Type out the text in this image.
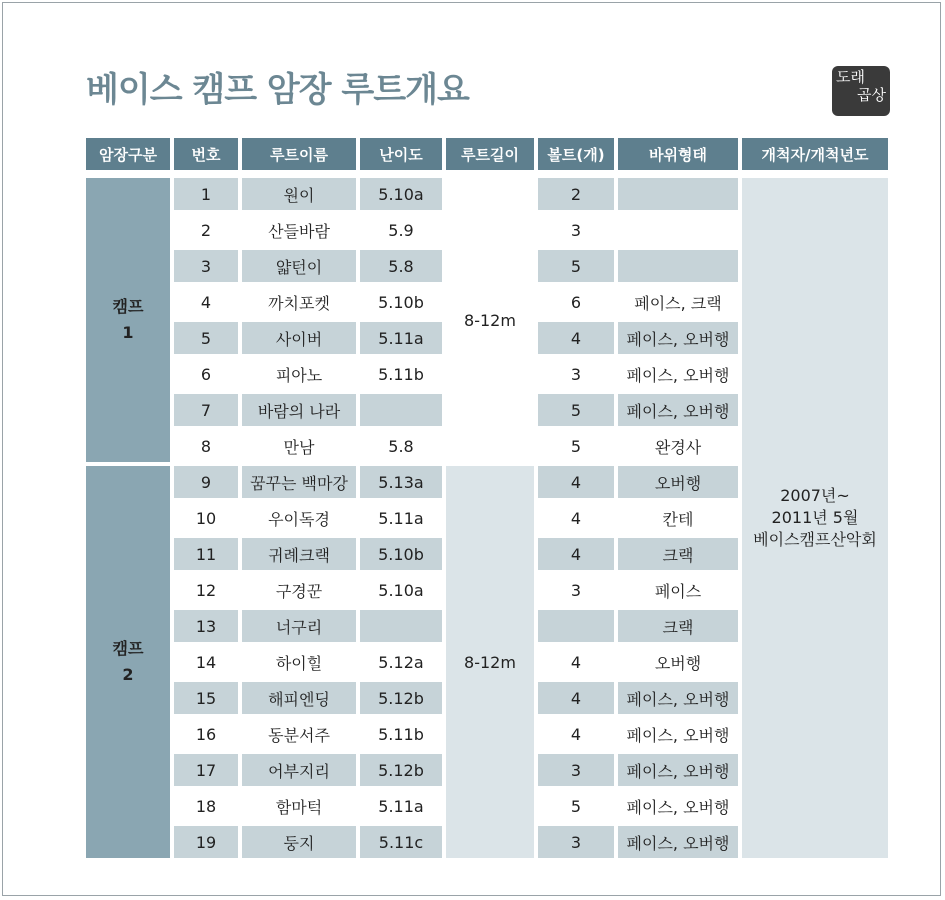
베이스 캠프 암장 루트개요	도래
곱상
암장구분	번호	루트이름	난이도	루트길이	볼트(개)	바위형태	개척자/개척년도

캠프
1	1	원이	5.10a	8-12m	2		2007년~
2011년 5월
베이스캠프산악회

	2	산들바람	5.9		3		
	3	얇턴이	5.8		5		
	4	까치포켓	5.10b		6	페이스, 크랙	
	5	사이버	5.11a		4	페이스, 오버행	
	6	피아노	5.11b		3	페이스, 오버행	
	7	바람의 나라			5	페이스, 오버행	
	8	만남	5.8		5	완경사	

캠프
2	9	꿈꾸는 백마강	5.13a	8-12m	4	오버행	
	10	우이독경	5.11a		4	칸테	
	11	귀례크랙	5.10b		4	크랙	
	12	구경꾼	5.10a		3	페이스	
	13	너구리				크랙	
	14	하이힐	5.12a		4	오버행	
	15	해피엔딩	5.12b		4	페이스, 오버행	
	16	동분서주	5.11b		4	페이스, 오버행	
	17	어부지리	5.12b		3	페이스, 오버행	
	18	함마턱	5.11a		5	페이스, 오버행	
	19	둥지	5.11c		3	페이스, 오버행	
